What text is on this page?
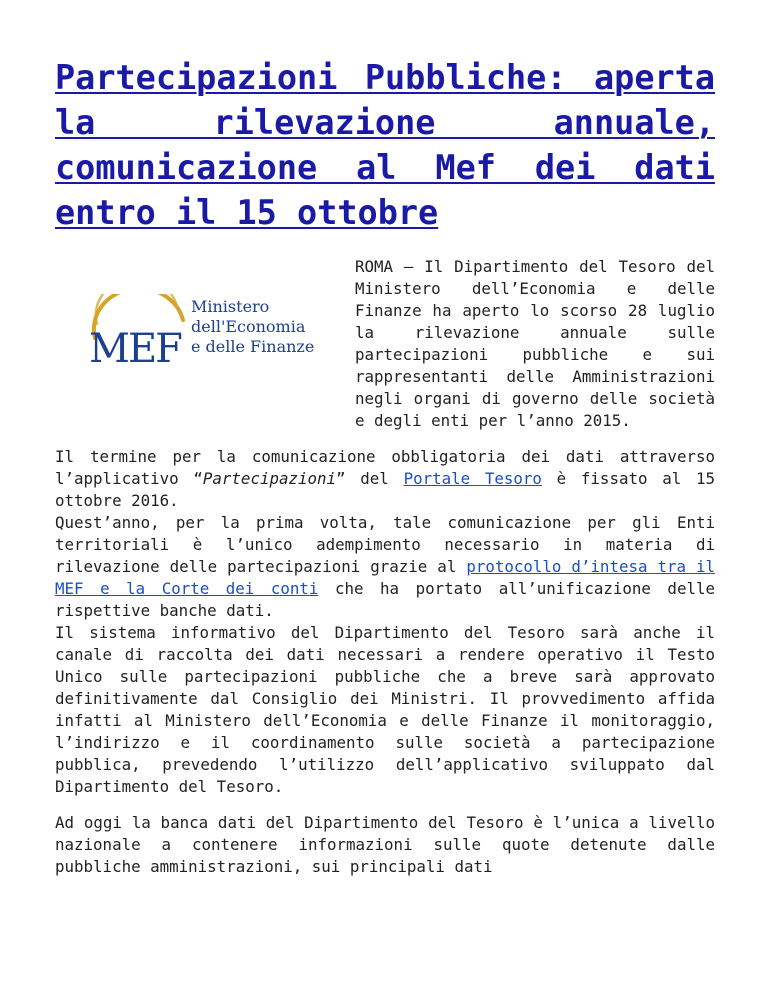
Partecipazioni Pubbliche: aperta la rilevazione annuale, comunicazione al Mef dei dati entro il 15 ottobre
MEF
Ministero
dell'Economia
e delle Finanze

ROMA – Il Dipartimento del Tesoro del Ministero dell’Economia e delle Finanze ha aperto lo scorso 28 luglio la rilevazione annuale sulle partecipazioni pubbliche e sui rappresentanti delle Amministrazioni negli organi di governo delle società e degli enti per l’anno 2015.

Il termine per la comunicazione obbligatoria dei dati attraverso l’applicativo “Partecipazioni” del Portale Tesoro è fissato al 15 ottobre 2016.

Quest’anno, per la prima volta, tale comunicazione per gli Enti territoriali è l’unico adempimento necessario in materia di rilevazione delle partecipazioni grazie al protocollo d’intesa tra il MEF e la Corte dei conti che ha portato all’unificazione delle rispettive banche dati.

Il sistema informativo del Dipartimento del Tesoro sarà anche il canale di raccolta dei dati necessari a rendere operativo il Testo Unico sulle partecipazioni pubbliche che a breve sarà approvato definitivamente dal Consiglio dei Ministri. Il provvedimento affida infatti al Ministero dell’Economia e delle Finanze il monitoraggio, l’indirizzo e il coordinamento sulle società a partecipazione pubblica, prevedendo l’utilizzo dell’applicativo sviluppato dal Dipartimento del Tesoro.

Ad oggi la banca dati del Dipartimento del Tesoro è l’unica a livello nazionale a contenere informazioni sulle quote detenute dalle pubbliche amministrazioni, sui principali dati
